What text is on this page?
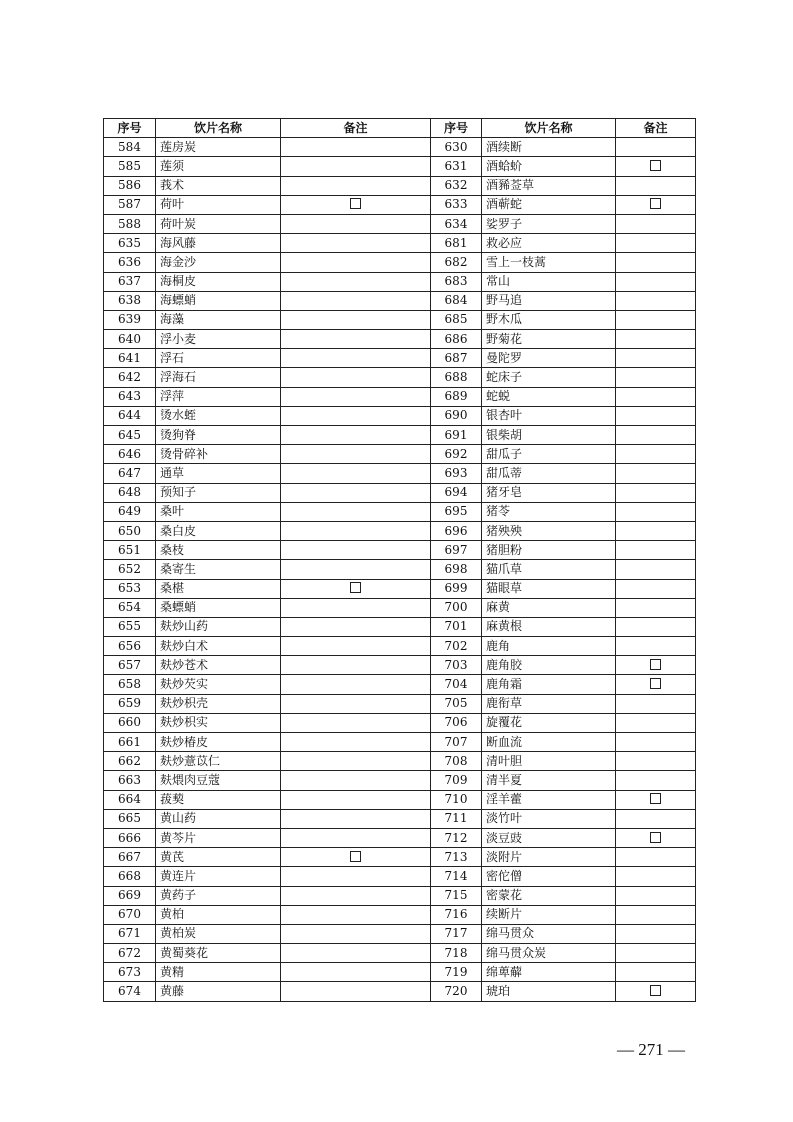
序号	饮片名称	备注	序号	饮片名称	备注
584	莲房炭		630	酒续断	
585	莲须		631	酒蛤蚧	
586	莪术		632	酒豨莶草	
587	荷叶		633	酒蕲蛇	
588	荷叶炭		634	娑罗子	
635	海风藤		681	救必应	
636	海金沙		682	雪上一枝蒿	
637	海桐皮		683	常山	
638	海螵蛸		684	野马追	
639	海藻		685	野木瓜	
640	浮小麦		686	野菊花	
641	浮石		687	曼陀罗	
642	浮海石		688	蛇床子	
643	浮萍		689	蛇蜕	
644	烫水蛭		690	银杏叶	
645	烫狗脊		691	银柴胡	
646	烫骨碎补		692	甜瓜子	
647	通草		693	甜瓜蒂	
648	预知子		694	猪牙皂	
649	桑叶		695	猪苓	
650	桑白皮		696	猪殃殃	
651	桑枝		697	猪胆粉	
652	桑寄生		698	猫爪草	
653	桑椹		699	猫眼草	
654	桑螵蛸		700	麻黄	
655	麸炒山药		701	麻黄根	
656	麸炒白术		702	鹿角	
657	麸炒苍术		703	鹿角胶	
658	麸炒芡实		704	鹿角霜	
659	麸炒枳壳		705	鹿衔草	
660	麸炒枳实		706	旋覆花	
661	麸炒椿皮		707	断血流	
662	麸炒薏苡仁		708	清叶胆	
663	麸煨肉豆蔻		709	清半夏	
664	菝葜		710	淫羊藿	
665	黄山药		711	淡竹叶	
666	黄芩片		712	淡豆豉	
667	黄芪		713	淡附片	
668	黄连片		714	密佗僧	
669	黄药子		715	密蒙花	
670	黄柏		716	续断片	
671	黄柏炭		717	绵马贯众	
672	黄蜀葵花		718	绵马贯众炭	
673	黄精		719	绵萆薢	
674	黄藤		720	琥珀	
— 271 —
